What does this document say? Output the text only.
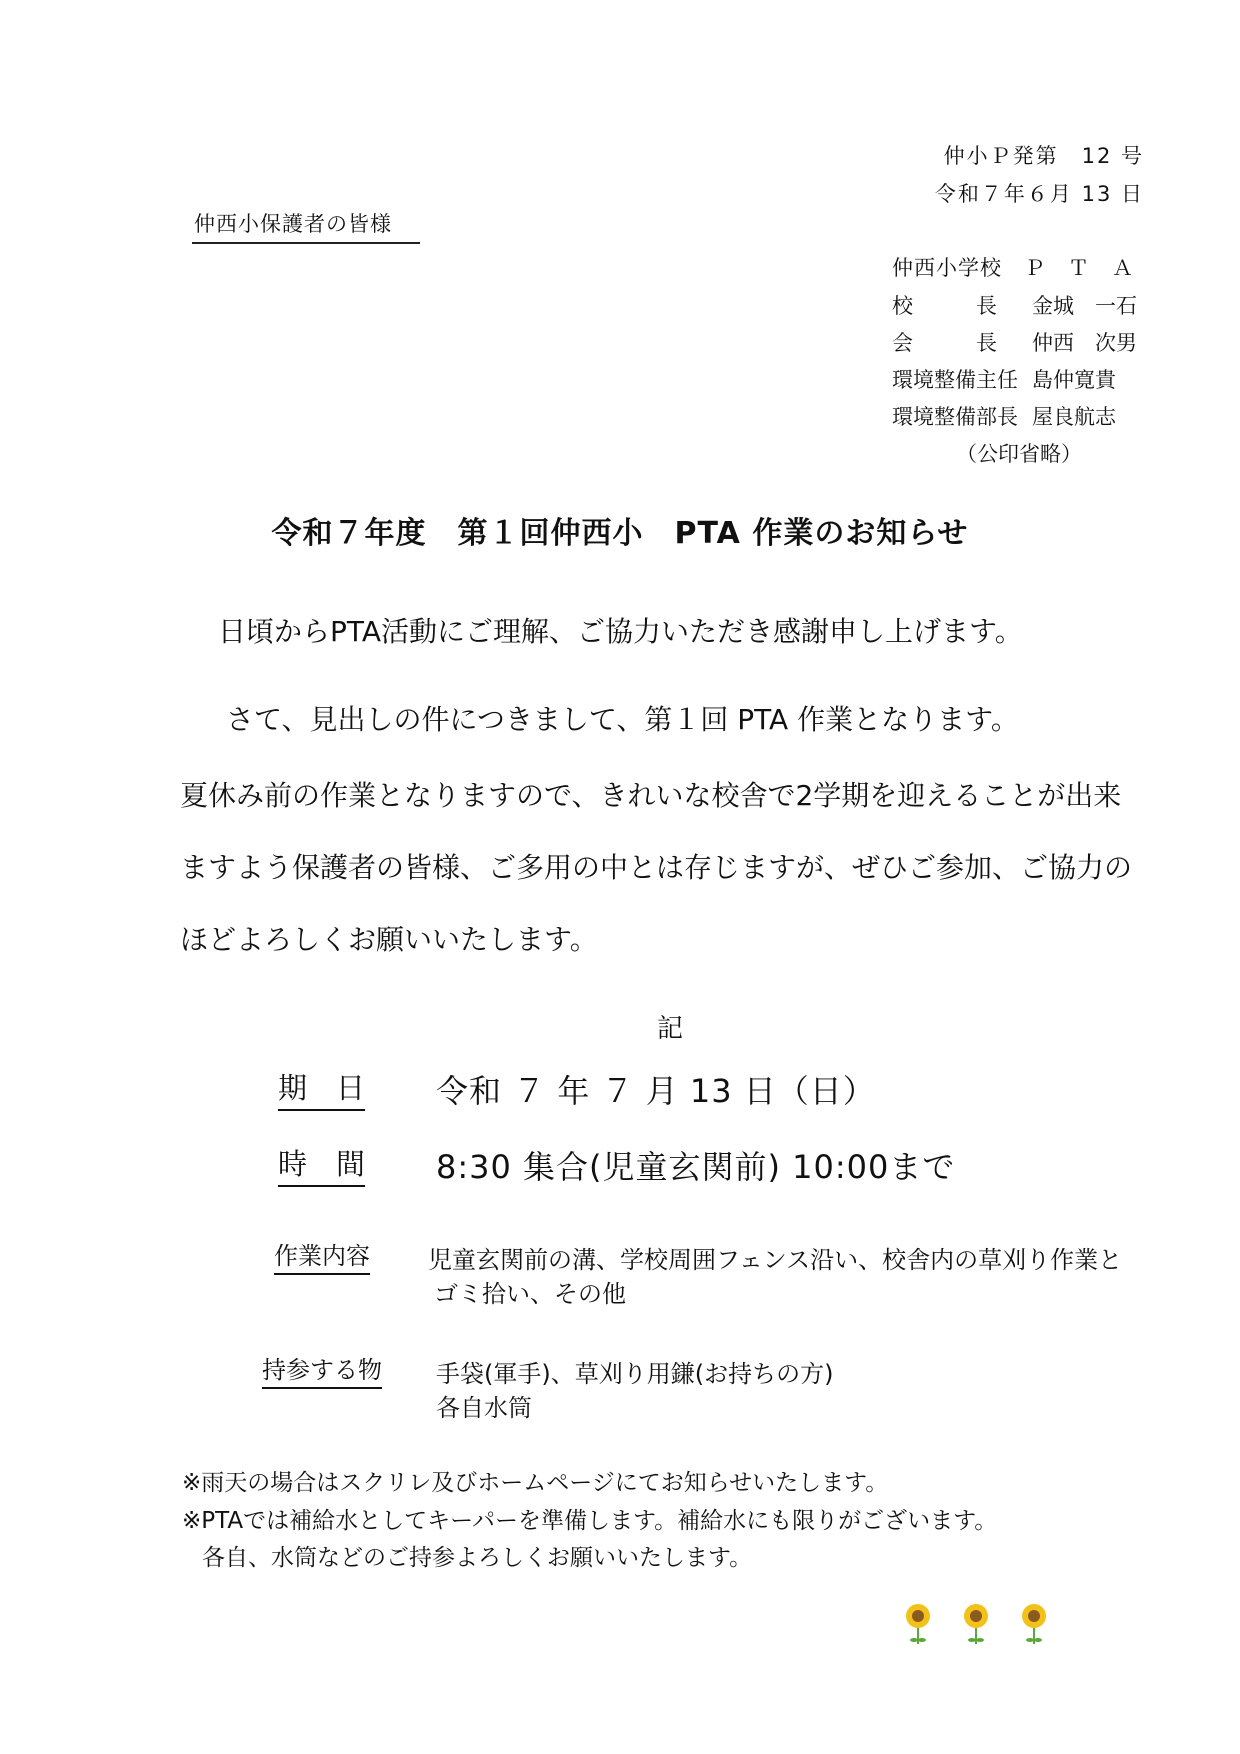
仲小Ｐ発第　12 号
令和７年６月 13 日
仲西小保護者の皆様
仲西小学校　Ｐ　Ｔ　Ａ
校　　　長 金城　一石
会　　　長 仲西　次男
環境整備主任 島仲寛貴
環境整備部長 屋良航志
（公印省略）
令和７年度　第１回仲西小　PTA 作業のお知らせ
日頃からPTA活動にご理解、ご協力いただき感謝申し上げます。
さて、見出しの件につきまして、第１回 PTA 作業となります。
夏休み前の作業となりますので、きれいな校舎で2学期を迎えることが出来
ますよう保護者の皆様、ご多用の中とは存じますが、ぜひご参加、ご協力の
ほどよろしくお願いいたします。
記
期　日 令和 ７ 年 ７ 月 13 日（日）
時　間 8:30 集合(児童玄関前) 10:00まで
作業内容 児童玄関前の溝、学校周囲フェンス沿い、校舎内の草刈り作業と
ゴミ拾い、その他
持参する物 手袋(軍手)、草刈り用鎌(お持ちの方)
各自水筒
※雨天の場合はスクリレ及びホームページにてお知らせいたします。
※PTAでは補給水としてキーパーを準備します。補給水にも限りがございます。
各自、水筒などのご持参よろしくお願いいたします。
